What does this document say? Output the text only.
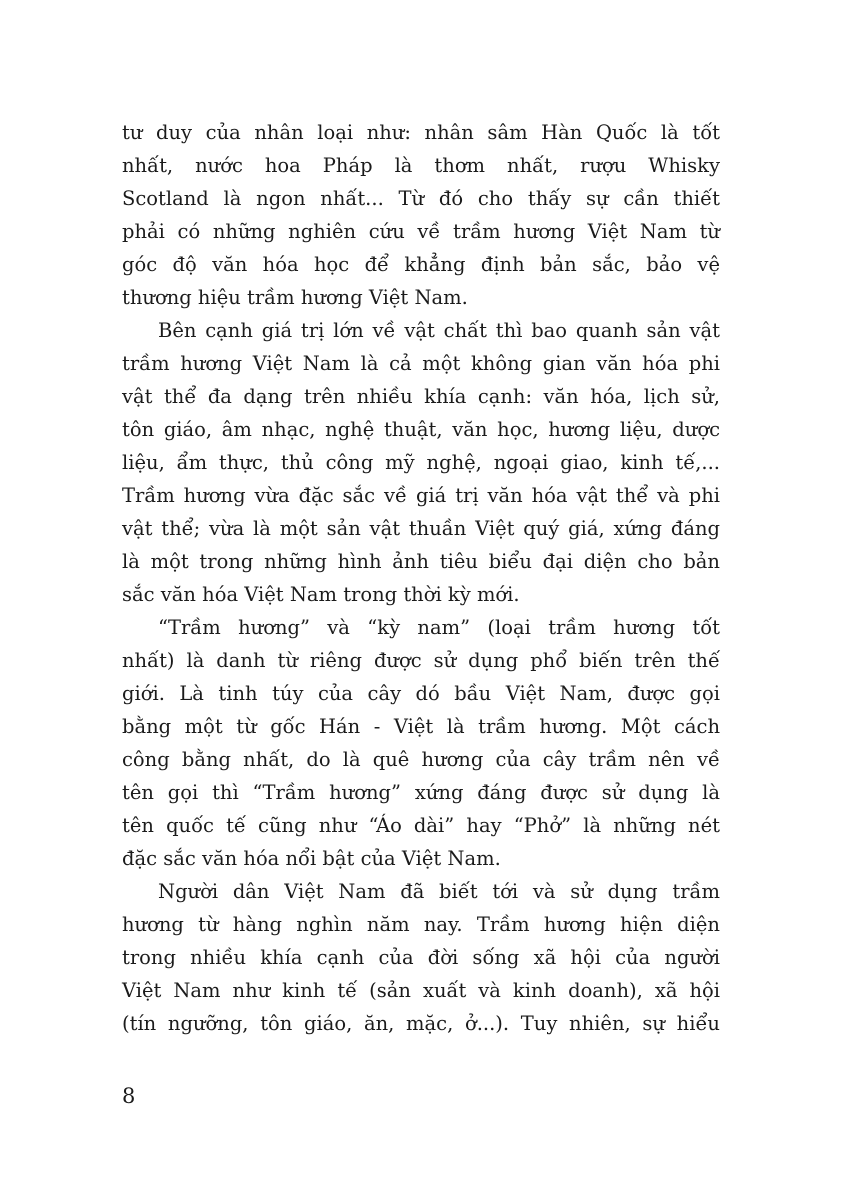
tư duy của nhân loại như: nhân sâm Hàn Quốc là tốt
nhất, nước hoa Pháp là thơm nhất, rượu Whisky
Scotland là ngon nhất... Từ đó cho thấy sự cần thiết
phải có những nghiên cứu về trầm hương Việt Nam từ
góc độ văn hóa học để khẳng định bản sắc, bảo vệ
thương hiệu trầm hương Việt Nam.
Bên cạnh giá trị lớn về vật chất thì bao quanh sản vật
trầm hương Việt Nam là cả một không gian văn hóa phi
vật thể đa dạng trên nhiều khía cạnh: văn hóa, lịch sử,
tôn giáo, âm nhạc, nghệ thuật, văn học, hương liệu, dược
liệu, ẩm thực, thủ công mỹ nghệ, ngoại giao, kinh tế,...
Trầm hương vừa đặc sắc về giá trị văn hóa vật thể và phi
vật thể; vừa là một sản vật thuần Việt quý giá, xứng đáng
là một trong những hình ảnh tiêu biểu đại diện cho bản
sắc văn hóa Việt Nam trong thời kỳ mới.
“Trầm hương” và “kỳ nam” (loại trầm hương tốt
nhất) là danh từ riêng được sử dụng phổ biến trên thế
giới. Là tinh túy của cây dó bầu Việt Nam, được gọi
bằng một từ gốc Hán - Việt là trầm hương. Một cách
công bằng nhất, do là quê hương của cây trầm nên về
tên gọi thì “Trầm hương” xứng đáng được sử dụng là
tên quốc tế cũng như “Áo dài” hay “Phở” là những nét
đặc sắc văn hóa nổi bật của Việt Nam.
Người dân Việt Nam đã biết tới và sử dụng trầm
hương từ hàng nghìn năm nay. Trầm hương hiện diện
trong nhiều khía cạnh của đời sống xã hội của người
Việt Nam như kinh tế (sản xuất và kinh doanh), xã hội
(tín ngưỡng, tôn giáo, ăn, mặc, ở...). Tuy nhiên, sự hiểu
8
